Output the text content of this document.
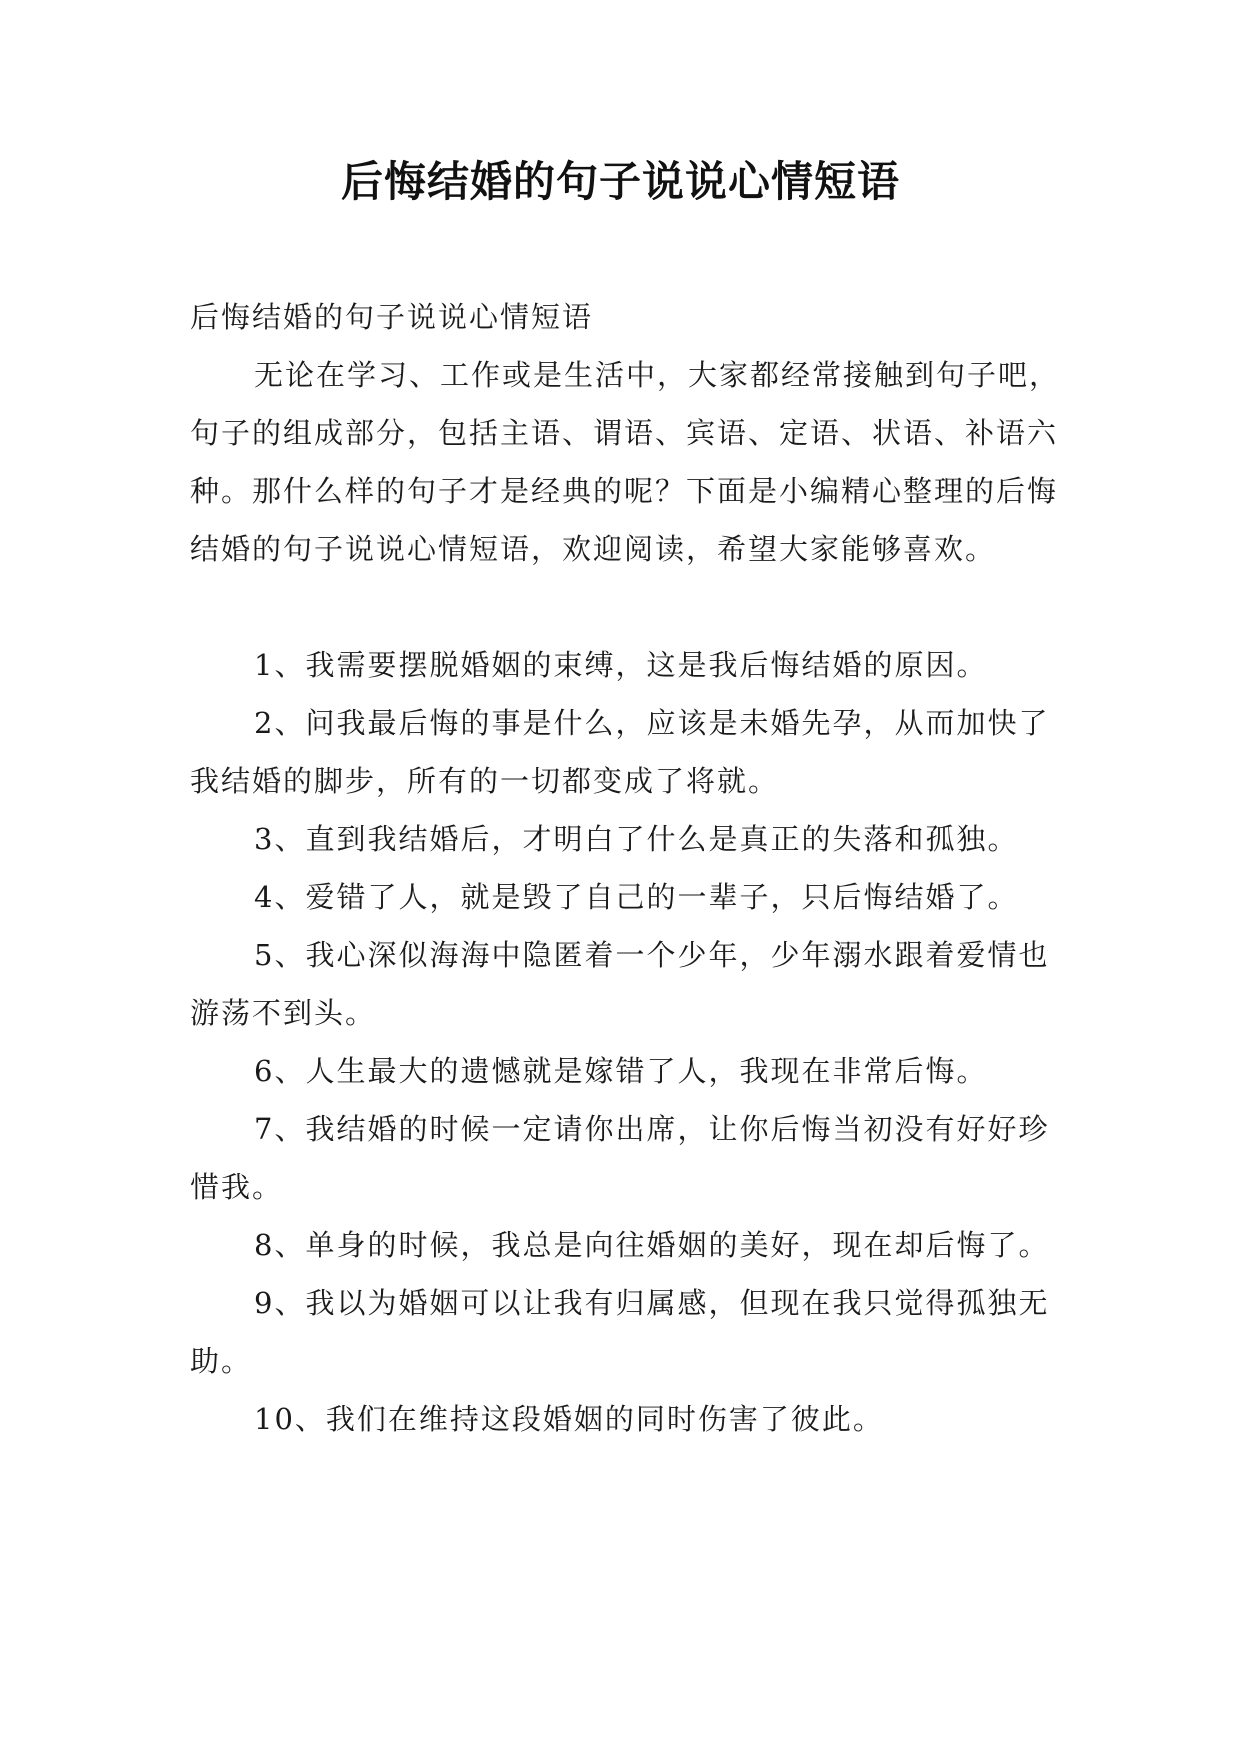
后悔结婚的句子说说心情短语

后悔结婚的句子说说心情短语

无论在学习、工作或是生活中，大家都经常接触到句子吧，句子的组成部分，包括主语、谓语、宾语、定语、状语、补语六种。那什么样的句子才是经典的呢？下面是小编精心整理的后悔结婚的句子说说心情短语，欢迎阅读，希望大家能够喜欢。

1、我需要摆脱婚姻的束缚，这是我后悔结婚的原因。

2、问我最后悔的事是什么，应该是未婚先孕，从而加快了我结婚的脚步，所有的一切都变成了将就。

3、直到我结婚后，才明白了什么是真正的失落和孤独。

4、爱错了人，就是毁了自己的一辈子，只后悔结婚了。

5、我心深似海海中隐匿着一个少年，少年溺水跟着爱情也游荡不到头。

6、人生最大的遗憾就是嫁错了人，我现在非常后悔。

7、我结婚的时候一定请你出席，让你后悔当初没有好好珍惜我。

8、单身的时候，我总是向往婚姻的美好，现在却后悔了。

9、我以为婚姻可以让我有归属感，但现在我只觉得孤独无助。

10、我们在维持这段婚姻的同时伤害了彼此。
